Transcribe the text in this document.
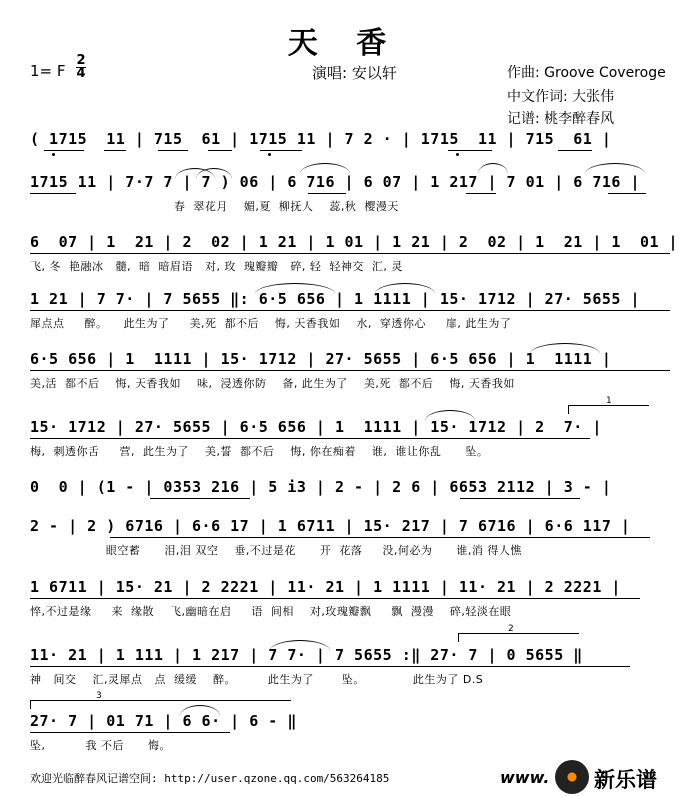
天 香
1= F
2
4	演唱: 安以轩	作曲: Groove Coveroge
中文作词: 大张伟
记谱: 桃李醉春风
( 1715  11 | 715  61 | 1715 11 | 7 2 · | 1715  11 | 715  61 |
1715 11 | 7·7 7 | 7 ) 06 | 6 716 | 6 07 | 1 217 | 7 01 | 6 716 |
春  翠花月    媚,夏  柳抚人    蕊,秋  樱漫天
6  07 | 1  21 | 2  02 | 1 21 | 1 01 | 1 21 | 2  02 | 1  21 | 1  01 |
飞, 冬  艳融冰   髓,  暗  暗眉语   对, 玫  瑰瓣瓣   碎, 轻  轻神交  汇, 灵
1 21 | 7 7· | 7 5655 ‖: 6·5 656 | 1 1111 | 15· 1712 | 27· 5655 |
犀点点     醉。    此生为了     美,死  都不后    悔, 天香我如    水,  穿透你心     扉, 此生为了
6·5 656 | 1  1111 | 15· 1712 | 27· 5655 | 6·5 656 | 1  1111 |
美,活  都不后    悔, 天香我如    味,  浸透你防    备, 此生为了    美,死  都不后    悔, 天香我如
15· 1712 | 27· 5655 | 6·5 656 | 1  1111 | 15· 1712 | 2  7· |
梅,  刺透你舌     营,  此生为了    美,誓  都不后    悔, 你在痴着    谁,  谁让你乱      坠。
0  0 | (1 - | 0353 216 | 5 i3 | 2 - | 2 6 | 6653 2112 | 3 - |
2 - | 2 ) 6716 | 6·6 17 | 1 6711 | 15· 217 | 7 6716 | 6·6 117 |
眼空蓄      泪,泪 双空    垂,不过是花      开  花落     没,何必为      谁,消 得人憔
1 6711 | 15· 21 | 2 2221 | 11· 21 | 1 1111 | 11· 21 | 2 2221 |
悴,不过是缘     来  缘散    飞,幽暗在启     语  间相    对,玫瑰瓣飘     飘  漫漫    碎,轻淡在眼
11· 21 | 1 111 | 1 217 | 7 7· | 7 5655 :‖ 27· 7 | 0 5655 ‖
神   间交    汇,灵犀点   点  缓缓    醉。        此生为了       坠。            此生为了 D.S
27· 7 | 01 71 | 6 6· | 6 - ‖
坠,          我 不后      悔。
1
2
3
欢迎光临醉春风记谱空间: http://user.qzone.qq.com/563264185	www. 新乐谱
